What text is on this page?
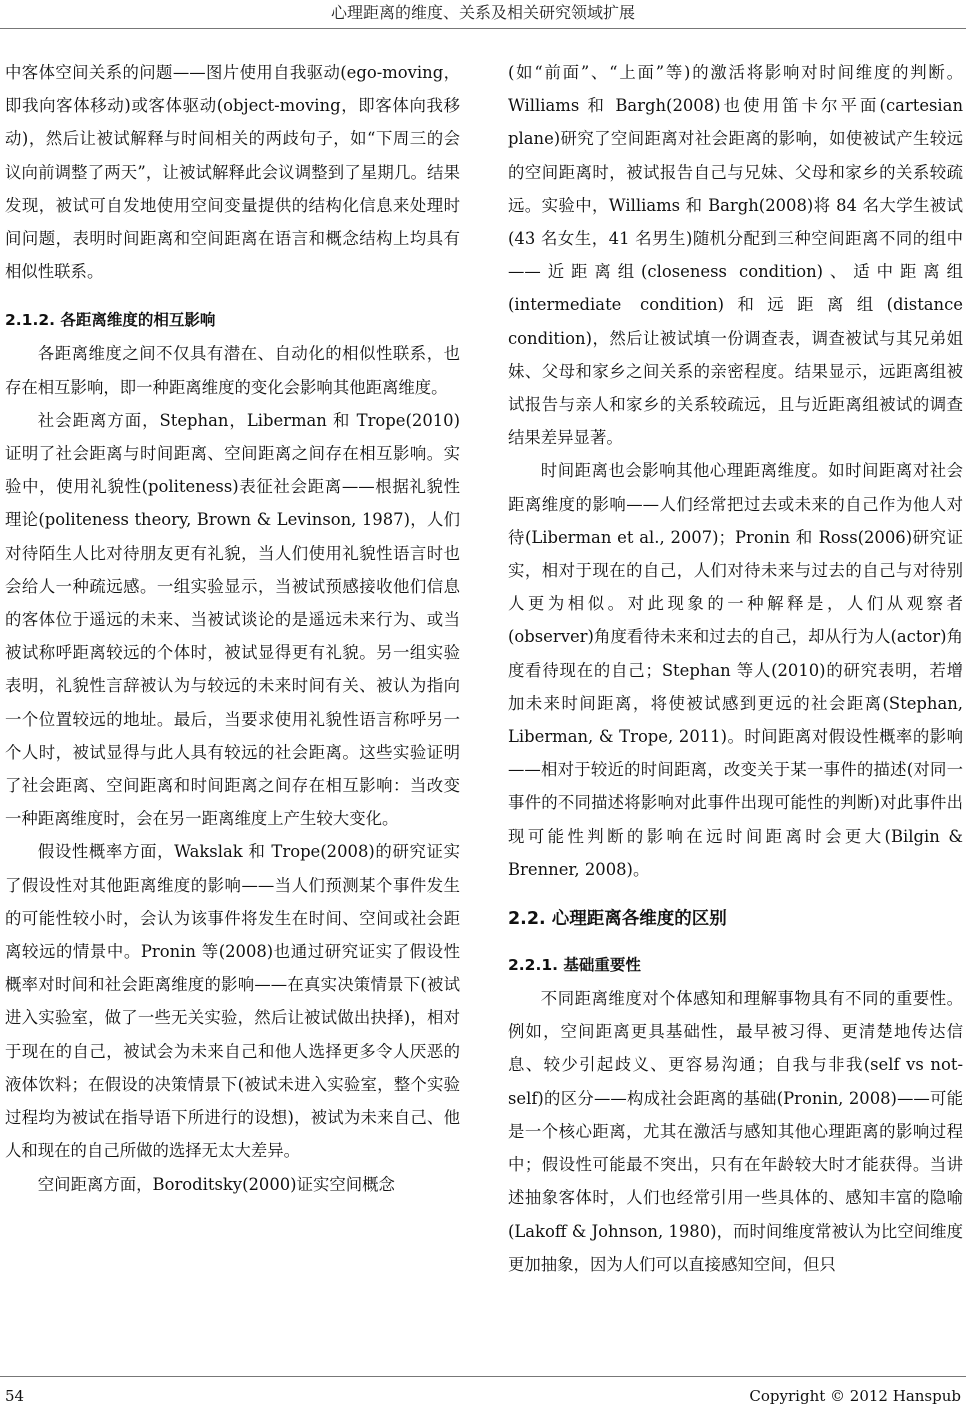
心理距离的维度、关系及相关研究领域扩展

中客体空间关系的问题——图片使用自我驱动(ego-moving，即我向客体移动)或客体驱动(object-moving，即客体向我移动)，然后让被试解释与时间相关的两歧句子，如“下周三的会议向前调整了两天”，让被试解释此会议调整到了星期几。结果发现，被试可自发地使用空间变量提供的结构化信息来处理时间问题，表明时间距离和空间距离在语言和概念结构上均具有相似性联系。

2.1.2. 各距离维度的相互影响

各距离维度之间不仅具有潜在、自动化的相似性联系，也存在相互影响，即一种距离维度的变化会影响其他距离维度。

社会距离方面，Stephan，Liberman 和 Trope(2010)证明了社会距离与时间距离、空间距离之间存在相互影响。实验中，使用礼貌性(politeness)表征社会距离——根据礼貌性理论(politeness theory, Brown & Levinson, 1987)，人们对待陌生人比对待朋友更有礼貌，当人们使用礼貌性语言时也会给人一种疏远感。一组实验显示，当被试预感接收他们信息的客体位于遥远的未来、当被试谈论的是遥远未来行为、或当被试称呼距离较远的个体时，被试显得更有礼貌。另一组实验表明，礼貌性言辞被认为与较远的未来时间有关、被认为指向一个位置较远的地址。最后，当要求使用礼貌性语言称呼另一个人时，被试显得与此人具有较远的社会距离。这些实验证明了社会距离、空间距离和时间距离之间存在相互影响：当改变一种距离维度时，会在另一距离维度上产生较大变化。

假设性概率方面，Wakslak 和 Trope(2008)的研究证实了假设性对其他距离维度的影响——当人们预测某个事件发生的可能性较小时，会认为该事件将发生在时间、空间或社会距离较远的情景中。Pronin 等(2008)也通过研究证实了假设性概率对时间和社会距离维度的影响——在真实决策情景下(被试进入实验室，做了一些无关实验，然后让被试做出抉择)，相对于现在的自己，被试会为未来自己和他人选择更多令人厌恶的液体饮料；在假设的决策情景下(被试未进入实验室，整个实验过程均为被试在指导语下所进行的设想)，被试为未来自己、他人和现在的自己所做的选择无太大差异。

空间距离方面，Boroditsky(2000)证实空间概念

(如“前面”、“上面”等)的激活将影响对时间维度的判断。Williams 和 Bargh(2008)也使用笛卡尔平面(cartesian plane)研究了空间距离对社会距离的影响，如使被试产生较远的空间距离时，被试报告自己与兄妹、父母和家乡的关系较疏远。实验中，Williams 和 Bargh(2008)将 84 名大学生被试(43 名女生，41 名男生)随机分配到三种空间距离不同的组中——近距离组(closeness condition)、适中距离组(intermediate condition)和远距离组(distance condition)，然后让被试填一份调查表，调查被试与其兄弟姐妹、父母和家乡之间关系的亲密程度。结果显示，远距离组被试报告与亲人和家乡的关系较疏远，且与近距离组被试的调查结果差异显著。

时间距离也会影响其他心理距离维度。如时间距离对社会距离维度的影响——人们经常把过去或未来的自己作为他人对待(Liberman et al., 2007)；Pronin 和 Ross(2006)研究证实，相对于现在的自己，人们对待未来与过去的自己与对待别人更为相似。对此现象的一种解释是，人们从观察者(observer)角度看待未来和过去的自己，却从行为人(actor)角度看待现在的自己；Stephan 等人(2010)的研究表明，若增加未来时间距离，将使被试感到更远的社会距离(Stephan, Liberman, & Trope, 2011)。时间距离对假设性概率的影响——相对于较近的时间距离，改变关于某一事件的描述(对同一事件的不同描述将影响对此事件出现可能性的判断)对此事件出现可能性判断的影响在远时间距离时会更大(Bilgin & Brenner, 2008)。

2.2. 心理距离各维度的区别
2.2.1. 基础重要性

不同距离维度对个体感知和理解事物具有不同的重要性。例如，空间距离更具基础性，最早被习得、更清楚地传达信息、较少引起歧义、更容易沟通；自我与非我(self vs not-self)的区分——构成社会距离的基础(Pronin, 2008)——可能是一个核心距离，尤其在激活与感知其他心理距离的影响过程中；假设性可能最不突出，只有在年龄较大时才能获得。当讲述抽象客体时，人们也经常引用一些具体的、感知丰富的隐喻(Lakoff & Johnson, 1980)，而时间维度常被认为比空间维度更加抽象，因为人们可以直接感知空间，但只

54	Copyright © 2012 Hanspub
